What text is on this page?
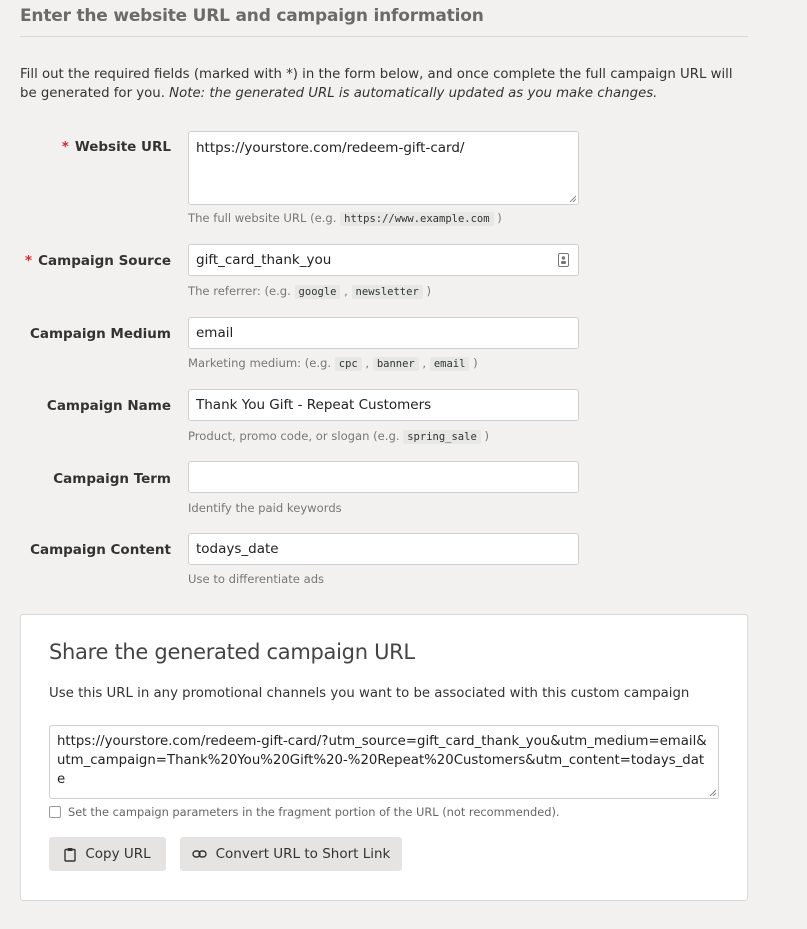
Enter the website URL and campaign information
Fill out the required fields (marked with *) in the form below, and once complete the full campaign URL will be generated for you. Note: the generated URL is automatically updated as you make changes.
* Website URL	https://yourstore.com/redeem-gift-card/
The full website URL (e.g. https://www.example.com )
* Campaign Source	gift_card_thank_you
The referrer: (e.g. google , newsletter )
Campaign Medium	email
Marketing medium: (e.g. cpc , banner , email )
Campaign Name	Thank You Gift - Repeat Customers
Product, promo code, or slogan (e.g. spring_sale )
Campaign Term
Identify the paid keywords
Campaign Content	todays_date
Use to differentiate ads
Share the generated campaign URL
Use this URL in any promotional channels you want to be associated with this custom campaign
https://yourstore.com/redeem-gift-card/?utm_source=gift_card_thank_you&utm_medium=email&utm_campaign=Thank%20You%20Gift%20-%20Repeat%20Customers&utm_content=todays_date
Set the campaign parameters in the fragment portion of the URL (not recommended).
Copy URL	Convert URL to Short Link
